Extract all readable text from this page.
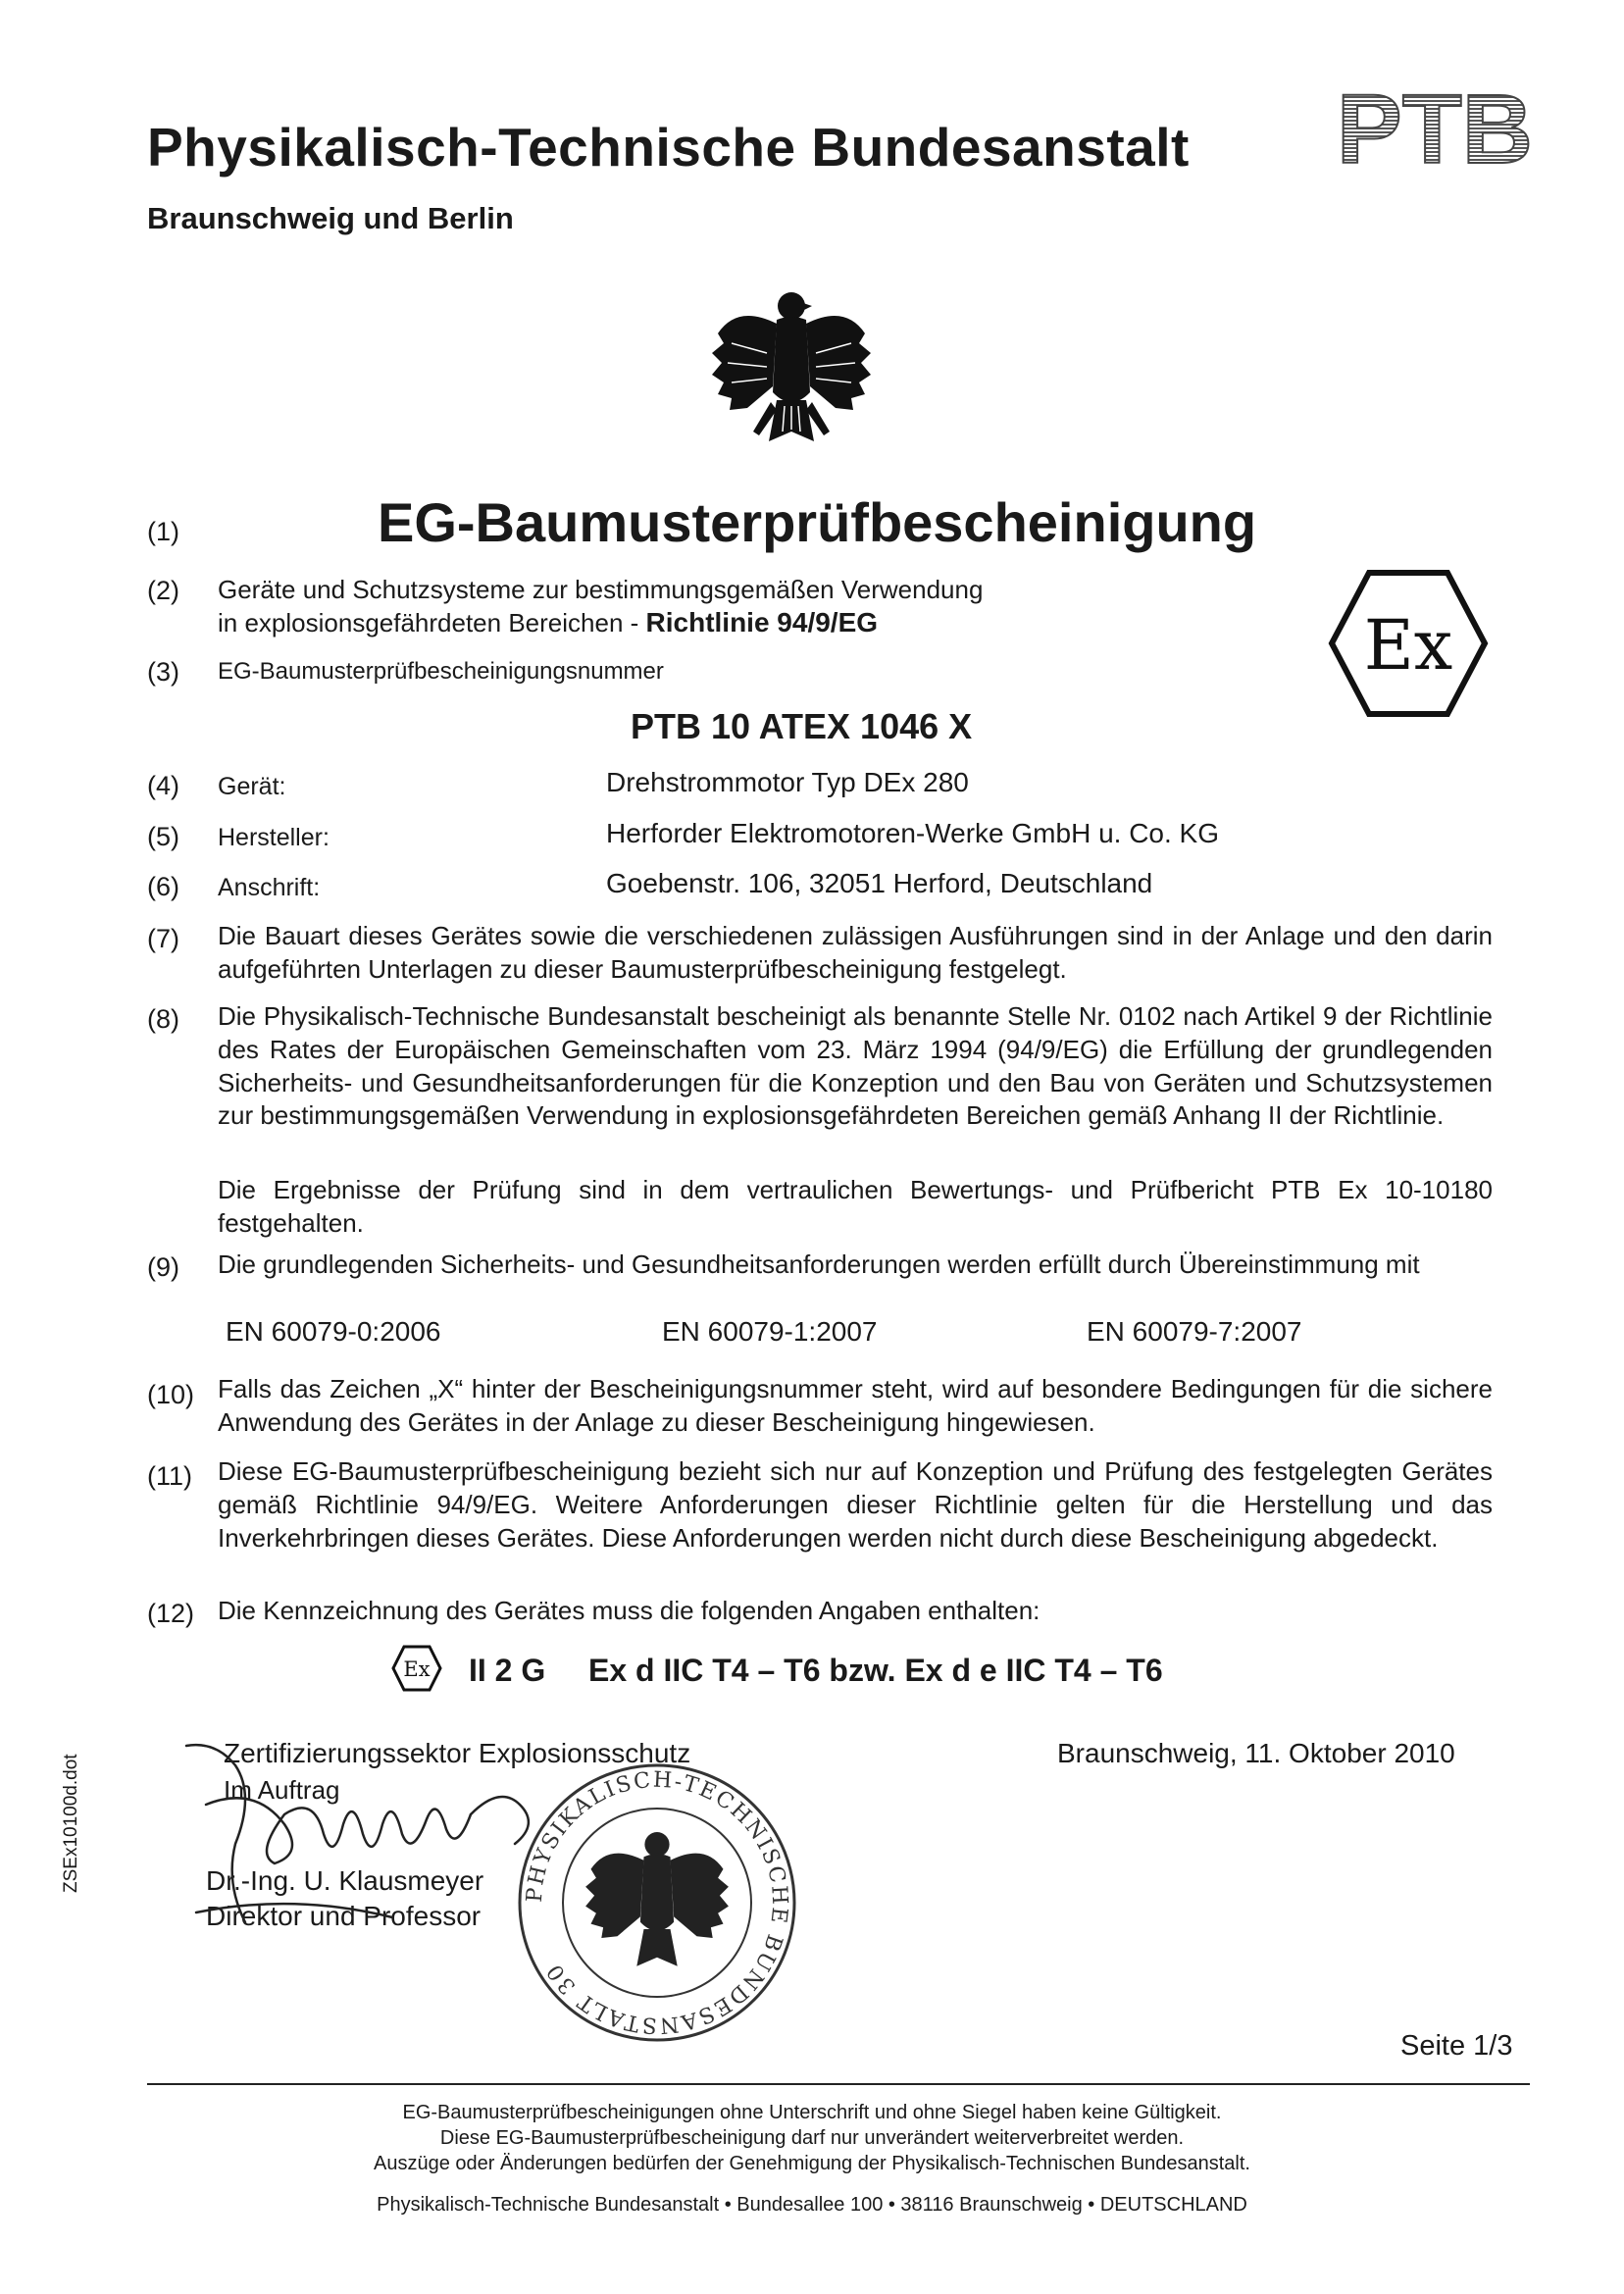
Physikalisch-Technische Bundesanstalt
Braunschweig und Berlin
PTB
(1)	EG-Baumusterprüfbescheinigung
(2) Geräte und Schutzsysteme zur bestimmungsgemäßen Verwendung
in explosionsgefährdeten Bereichen - Richtlinie 94/9/EG	Ex
(3) EG-Baumusterprüfbescheinigungsnummer
PTB 10 ATEX 1046 X
(4) Gerät:	Drehstrommotor Typ DEx 280
(5) Hersteller:	Herforder Elektromotoren-Werke GmbH u. Co. KG
(6) Anschrift:	Goebenstr. 106, 32051 Herford, Deutschland
(7) Die Bauart dieses Gerätes sowie die verschiedenen zulässigen Ausführungen sind in der Anlage und den darin aufgeführten Unterlagen zu dieser Baumusterprüfbescheinigung festgelegt.
(8) Die Physikalisch-Technische Bundesanstalt bescheinigt als benannte Stelle Nr. 0102 nach Artikel 9 der Richtlinie des Rates der Europäischen Gemeinschaften vom 23. März 1994 (94/9/EG) die Erfüllung der grundlegenden Sicherheits- und Gesundheitsanforderungen für die Konzeption und den Bau von Geräten und Schutzsystemen zur bestimmungsgemäßen Verwendung in explosionsgefährdeten Bereichen gemäß Anhang II der Richtlinie.
Die Ergebnisse der Prüfung sind in dem vertraulichen Bewertungs- und Prüfbericht PTB Ex 10-10180 festgehalten.
(9) Die grundlegenden Sicherheits- und Gesundheitsanforderungen werden erfüllt durch Übereinstimmung mit
EN 60079-0:2006	EN 60079-1:2007	EN 60079-7:2007
(10) Falls das Zeichen „X“ hinter der Bescheinigungsnummer steht, wird auf besondere Bedingungen für die sichere Anwendung des Gerätes in der Anlage zu dieser Bescheinigung hingewiesen.
(11) Diese EG-Baumusterprüfbescheinigung bezieht sich nur auf Konzeption und Prüfung des festgelegten Gerätes gemäß Richtlinie 94/9/EG. Weitere Anforderungen dieser Richtlinie gelten für die Herstellung und das Inverkehrbringen dieses Gerätes. Diese Anforderungen werden nicht durch diese Bescheinigung abgedeckt.
(12) Die Kennzeichnung des Gerätes muss die folgenden Angaben enthalten:
Ex II 2 G Ex d IIC T4 – T6 bzw. Ex d e IIC T4 – T6
Zertifizierungssektor Explosionsschutz
Im Auftrag
Dr.-Ing. U. Klausmeyer
Direktor und Professor
Braunschweig, 11. Oktober 2010
PHYSIKALISCH-TECHNISCHE BUNDESANSTALT 30
Seite 1/3
EG-Baumusterprüfbescheinigungen ohne Unterschrift und ohne Siegel haben keine Gültigkeit.
Diese EG-Baumusterprüfbescheinigung darf nur unverändert weiterverbreitet werden.
Auszüge oder Änderungen bedürfen der Genehmigung der Physikalisch-Technischen Bundesanstalt.
Physikalisch-Technische Bundesanstalt • Bundesallee 100 • 38116 Braunschweig • DEUTSCHLAND
ZSEx10100d.dot
